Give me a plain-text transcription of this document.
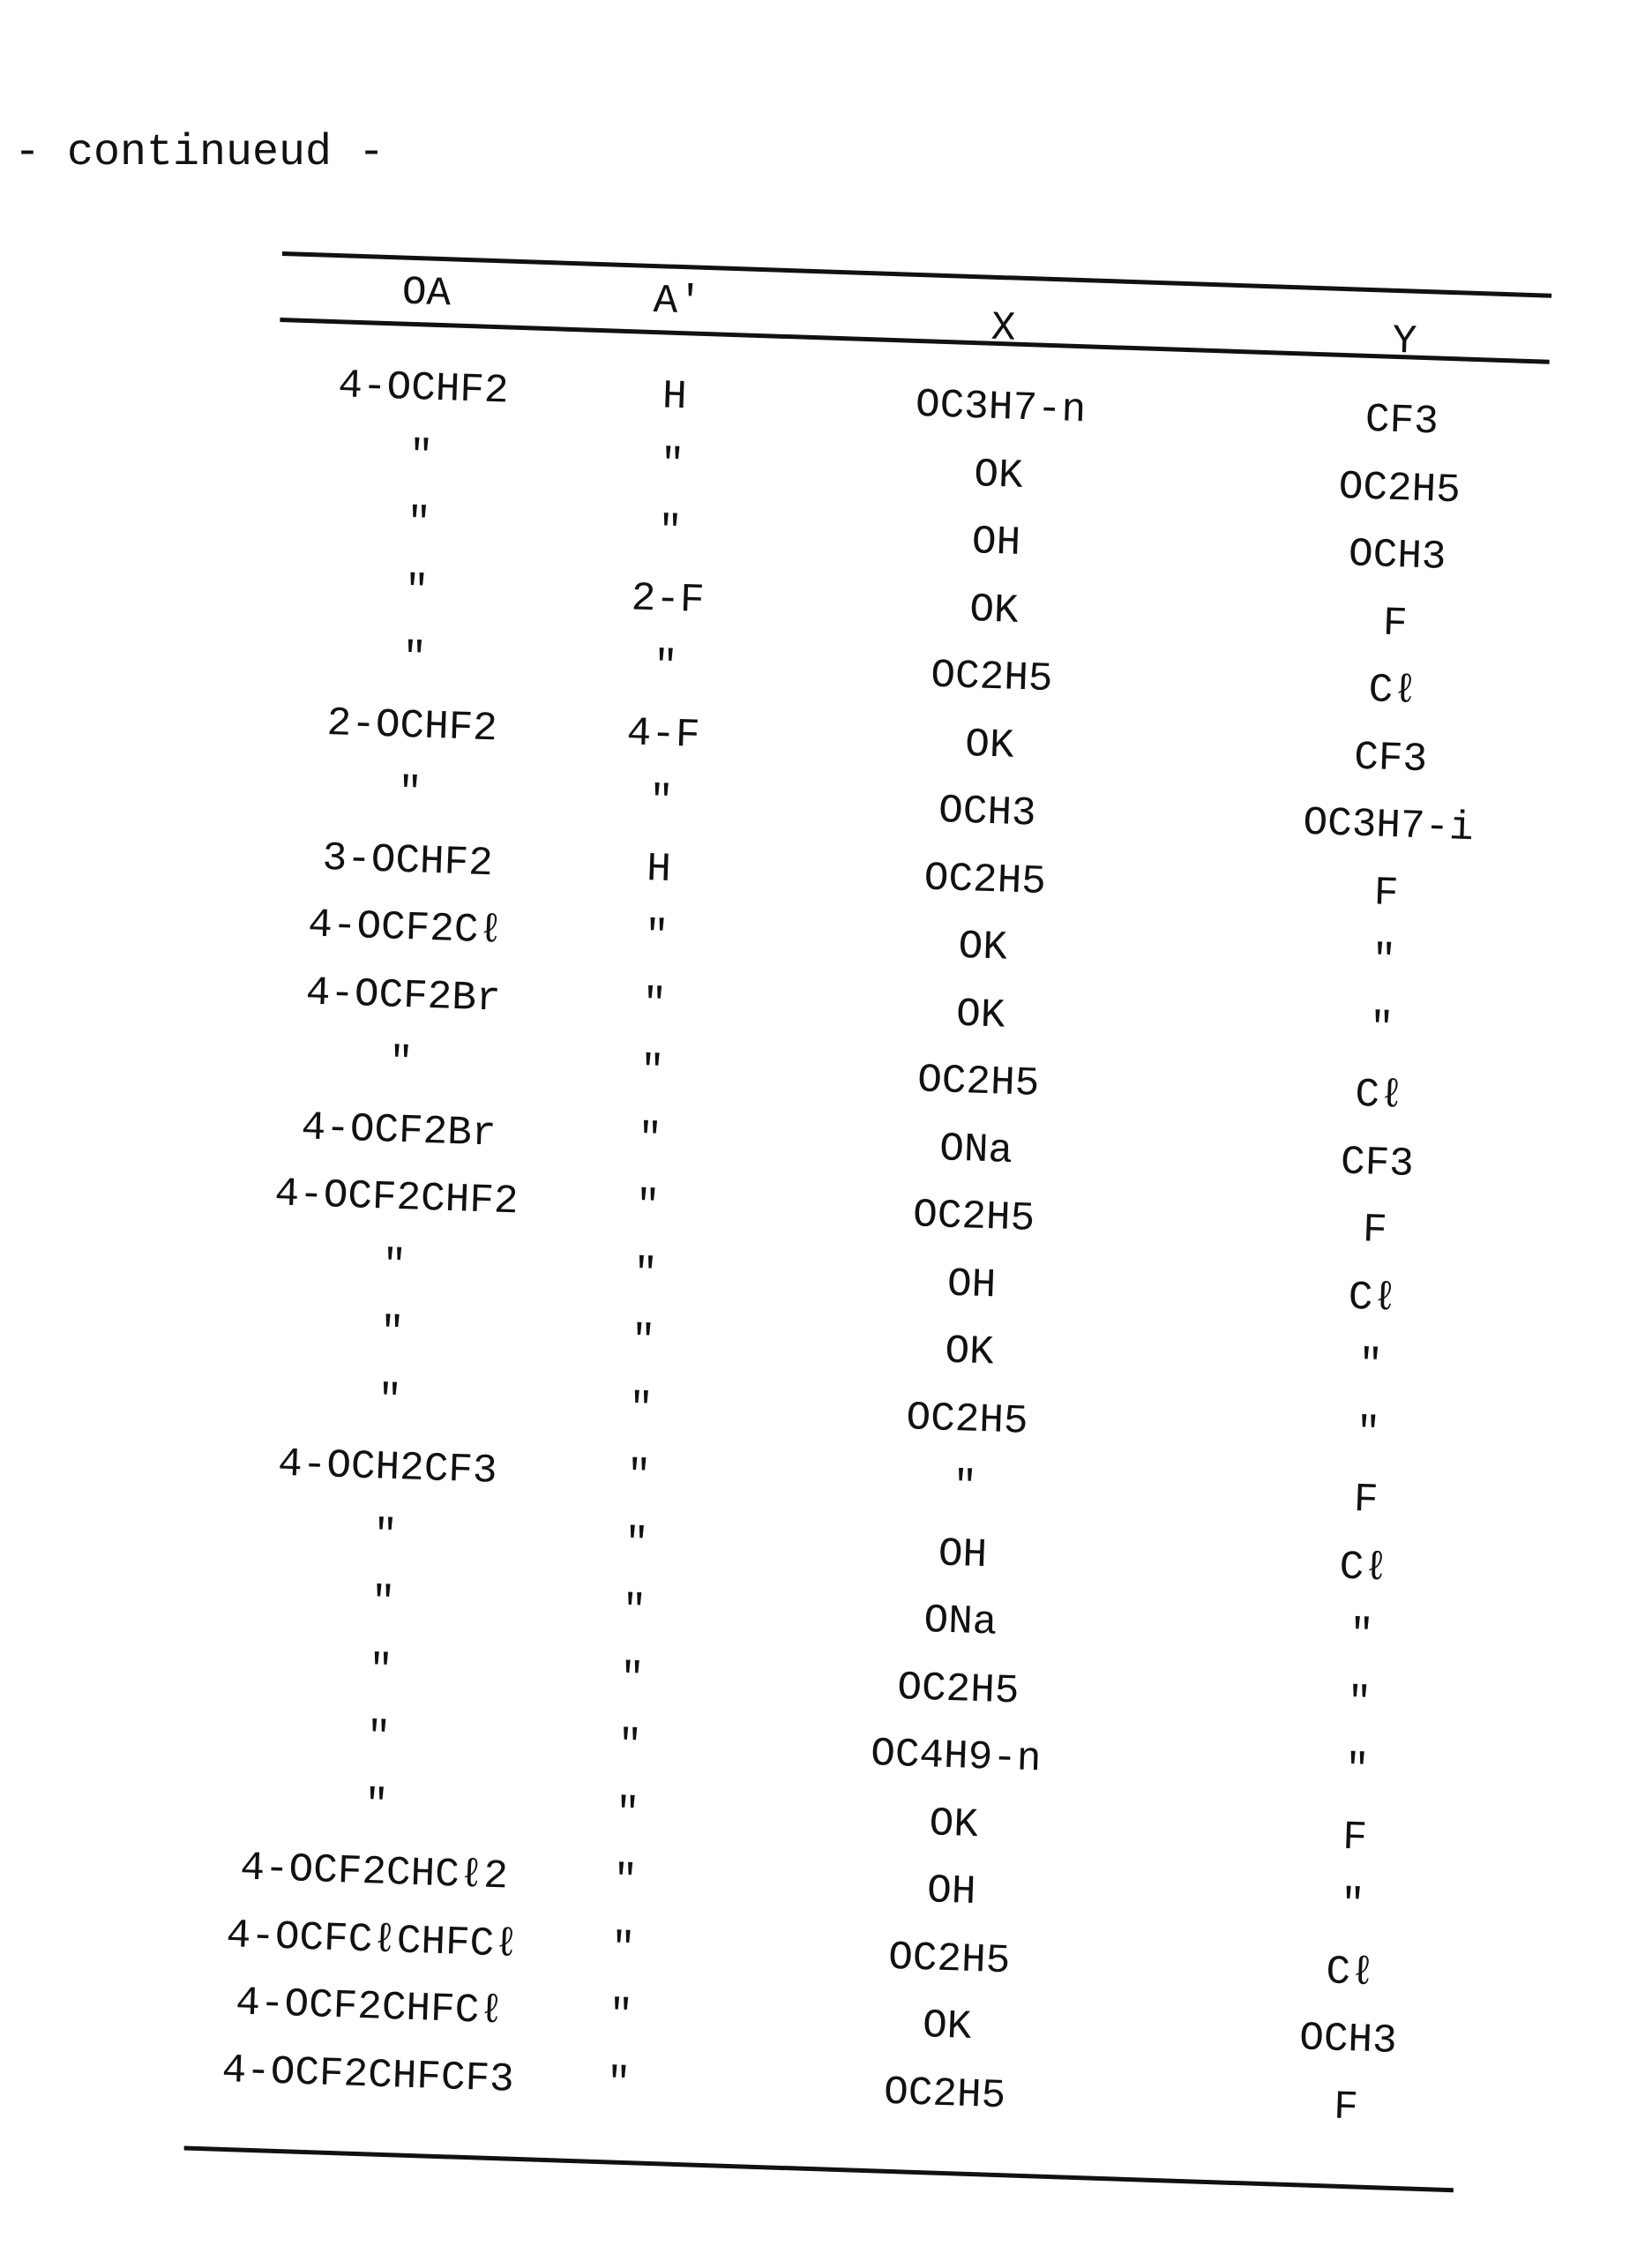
- continueud -
OA	A'
X	Y
4-OCHF2	H	OC3H7-n	CF3
"	"	OK	OC2H5
"	"	OH	OCH3
"	2-F	OK	F
"	"	OC2H5	Cℓ
2-OCHF2	4-F	OK	CF3
"	"	OCH3	OC3H7-i
3-OCHF2	H	OC2H5	F
4-OCF2Cℓ	"	OK	"
4-OCF2Br	"	OK	"
"	"	OC2H5	Cℓ
4-OCF2Br	"	ONa	CF3
4-OCF2CHF2	"	OC2H5	F
"	"	OH	Cℓ
"	"	OK	"
"	"	OC2H5	"
4-OCH2CF3	"	"	F
"	"	OH	Cℓ
"	"	ONa	"
"	"	OC2H5	"
"	"	OC4H9-n	"
"	"	OK	F
4-OCF2CHCℓ2	"	OH	"
4-OCFCℓCHFCℓ	"	OC2H5	Cℓ
4-OCF2CHFCℓ	"	OK	OCH3
4-OCF2CHFCF3	"	OC2H5	F
